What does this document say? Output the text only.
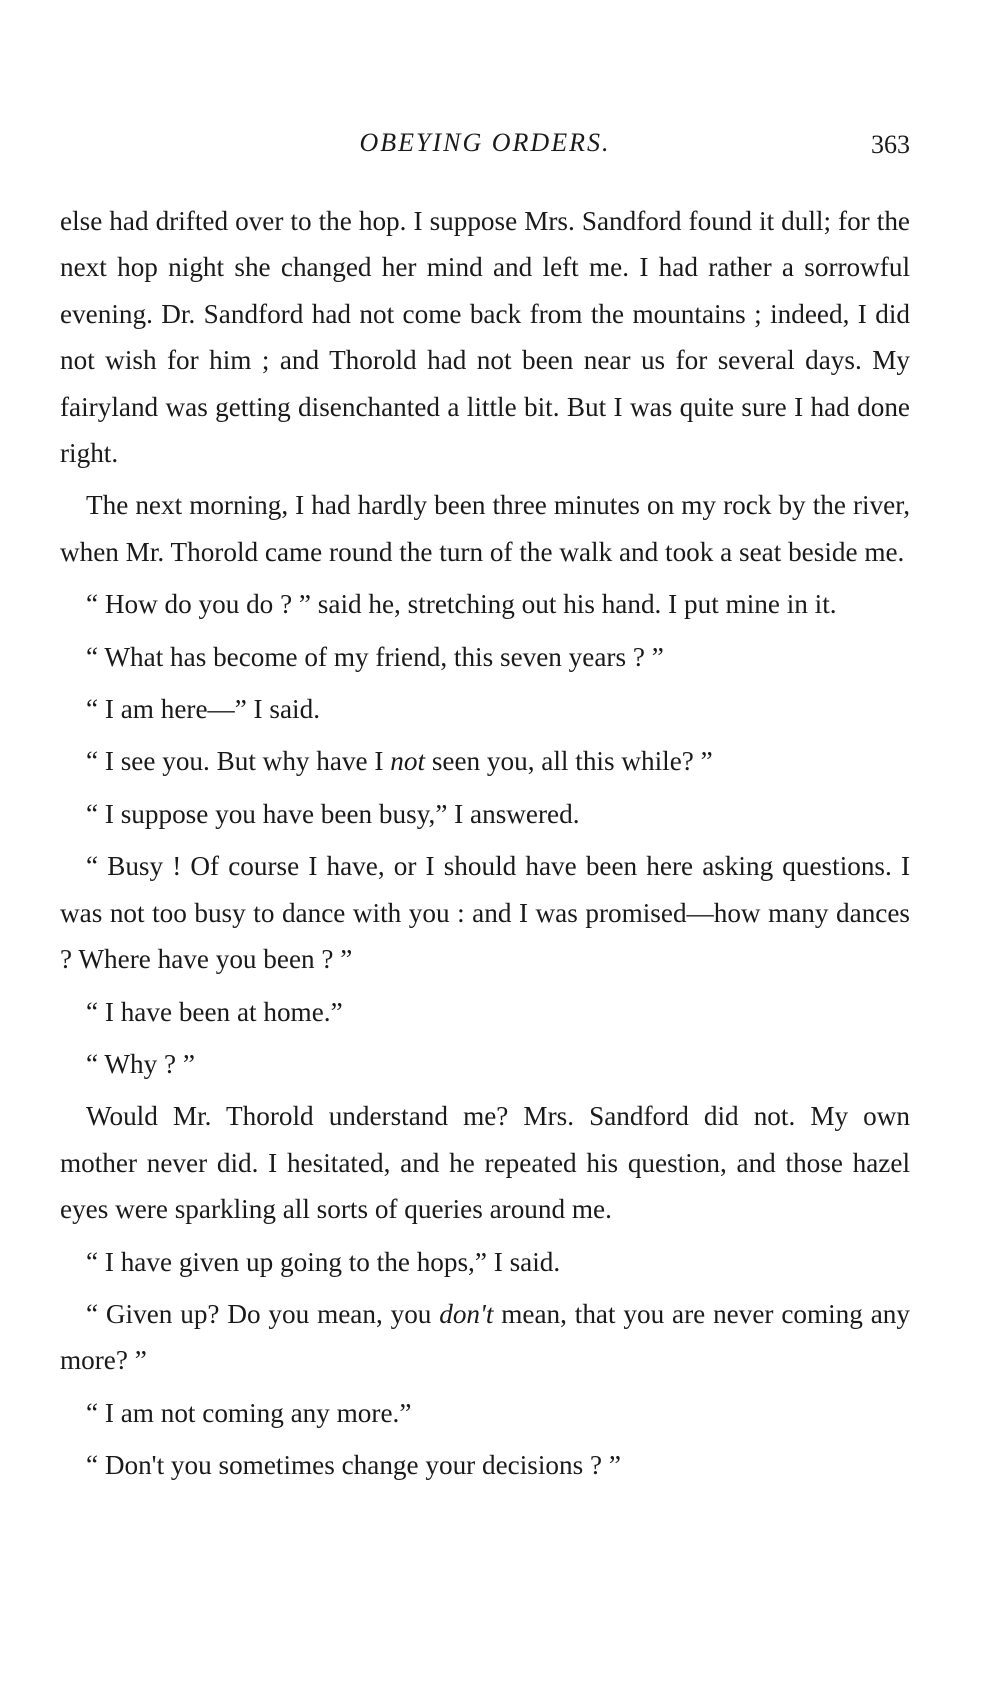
OBEYING ORDERS.	363

else had drifted over to the hop. I suppose Mrs. Sandford found it dull; for the next hop night she changed her mind and left me. I had rather a sorrowful evening. Dr. Sandford had not come back from the mountains ; indeed, I did not wish for him ; and Thorold had not been near us for several days. My fairyland was getting disenchanted a little bit. But I was quite sure I had done right.

The next morning, I had hardly been three minutes on my rock by the river, when Mr. Thorold came round the turn of the walk and took a seat beside me.

“ How do you do ? ” said he, stretching out his hand. I put mine in it.

“ What has become of my friend, this seven years ? ”

“ I am here—” I said.

“ I see you. But why have I not seen you, all this while? ”

“ I suppose you have been busy,” I answered.

“ Busy ! Of course I have, or I should have been here asking questions. I was not too busy to dance with you : and I was promised—how many dances ? Where have you been ? ”

“ I have been at home.”

“ Why ? ”

Would Mr. Thorold understand me? Mrs. Sandford did not. My own mother never did. I hesitated, and he repeated his question, and those hazel eyes were sparkling all sorts of queries around me.

“ I have given up going to the hops,” I said.

“ Given up? Do you mean, you don't mean, that you are never coming any more? ”

“ I am not coming any more.”

“ Don't you sometimes change your decisions ? ”
